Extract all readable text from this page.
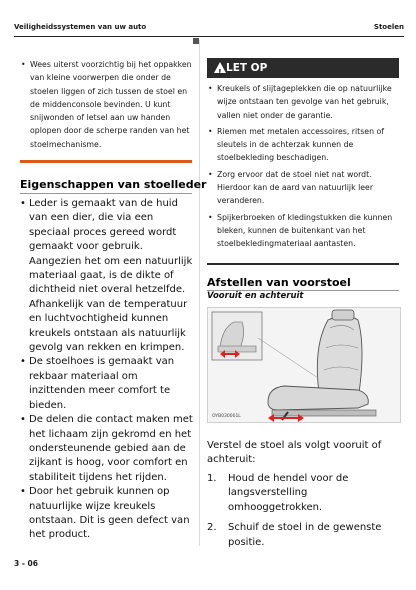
Veiligheidssystemen van uw auto	Stoelen
• Wees uiterst voorzichtig bij het oppakken van kleine voorwerpen die onder de stoelen liggen of zich tussen de stoel en de middenconsole bevinden. U kunt snijwonden of letsel aan uw handen oplopen door de scherpe randen van het stoelmechanisme.
Eigenschappen van stoelleder

• Leder is gemaakt van de huid van een dier, die via een speciaal proces gereed wordt gemaakt voor gebruik. Aangezien het om een natuurlijk materiaal gaat, is de dikte of dichtheid niet overal hetzelfde.

Afhankelijk van de temperatuur en luchtvochtigheid kunnen kreukels ontstaan als natuurlijk gevolg van rekken en krimpen.

• De stoelhoes is gemaakt van rekbaar materiaal om inzittenden meer comfort te bieden.

• De delen die contact maken met het lichaam zijn gekromd en het ondersteunende gebied aan de zijkant is hoog, voor comfort en stabiliteit tijdens het rijden.

• Door het gebruik kunnen op natuurlijke wijze kreukels ontstaan. Dit is geen defect van het product.

!
LET OP
• Kreukels of slijtageplekken die op natuurlijke wijze ontstaan ten gevolge van het gebruik, vallen niet onder de garantie.
• Riemen met metalen accessoires, ritsen of sleutels in de achterzak kunnen de stoelbekleding beschadigen.
• Zorg ervoor dat de stoel niet nat wordt. Hierdoor kan de aard van natuurlijk leer veranderen.
• Spijkerbroeken of kledingstukken die kunnen bleken, kunnen de buitenkant van het stoelbekledingmateriaal aantasten.
Afstellen van voorstoel
Vooruit en achteruit
OYB030001L
Verstel de stoel als volgt vooruit of achteruit:
1. Houd de hendel voor de langsverstelling omhooggetrokken.
2. Schuif de stoel in de gewenste positie.
3 - 06
